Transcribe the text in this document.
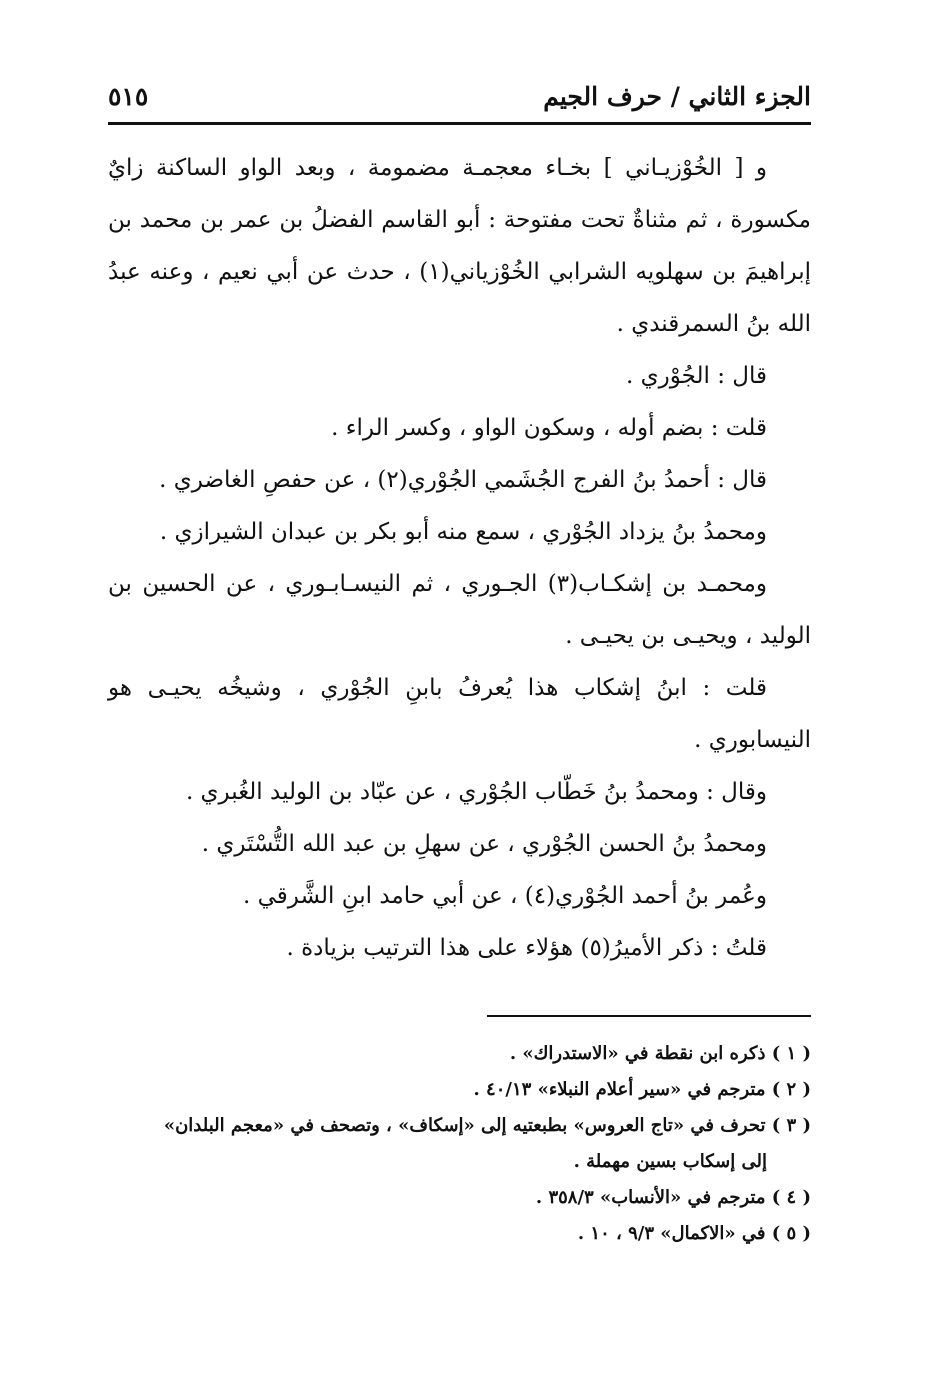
الجزء الثاني / حرف الجيم
٥١٥

و [ الخُوْزيـاني ] بخـاء معجمـة مضمومة ، وبعد الواو الساكنة زايٌ مكسورة ، ثم مثناةٌ تحت مفتوحة : أبو القاسم الفضلُ بن عمر بن محمد بن إبراهيمَ بن سهلويه الشرابي الخُوْزياني(١) ، حدث عن أبي نعيم ، وعنه عبدُ الله بنُ السمرقندي .

قال : الجُوْري .

قلت : بضم أوله ، وسكون الواو ، وكسر الراء .

قال : أحمدُ بنُ الفرج الجُشَمي الجُوْري(٢) ، عن حفصِ الغاضري .

ومحمدُ بنُ يزداد الجُوْري ، سمع منه أبو بكر بن عبدان الشيرازي .

ومحمـد بن إشكـاب(٣) الجـوري ، ثم النيسـابـوري ، عن الحسين بن الوليد ، ويحيـى بن يحيـى .

قلت : ابنُ إشكاب هذا يُعرفُ بابنِ الجُوْري ، وشيخُه يحيـى هو النيسابوري .

وقال : ومحمدُ بنُ خَطّاب الجُوْري ، عن عبّاد بن الوليد الغُبري .

ومحمدُ بنُ الحسن الجُوْري ، عن سهلِ بن عبد الله التُّسْتَري .

وعُمر بنُ أحمد الجُوْري(٤) ، عن أبي حامد ابنِ الشَّرقي .

قلتُ : ذكر الأميرُ(٥) هؤلاء على هذا الترتيب بزيادة .

( ١ ) ذكره ابن نقطة في «الاستدراك» .

( ٢ ) مترجم في «سير أعلام النبلاء» ٤٠/١٣ .

( ٣ ) تحرف في «تاج العروس» بطبعتيه إلى «إسكاف» ، وتصحف في «معجم البلدان»

إلى إسكاب بسين مهملة .

( ٤ ) مترجم في «الأنساب» ٣٥٨/٣ .

( ٥ ) في «الاكمال» ٩/٣ ، ١٠ .
